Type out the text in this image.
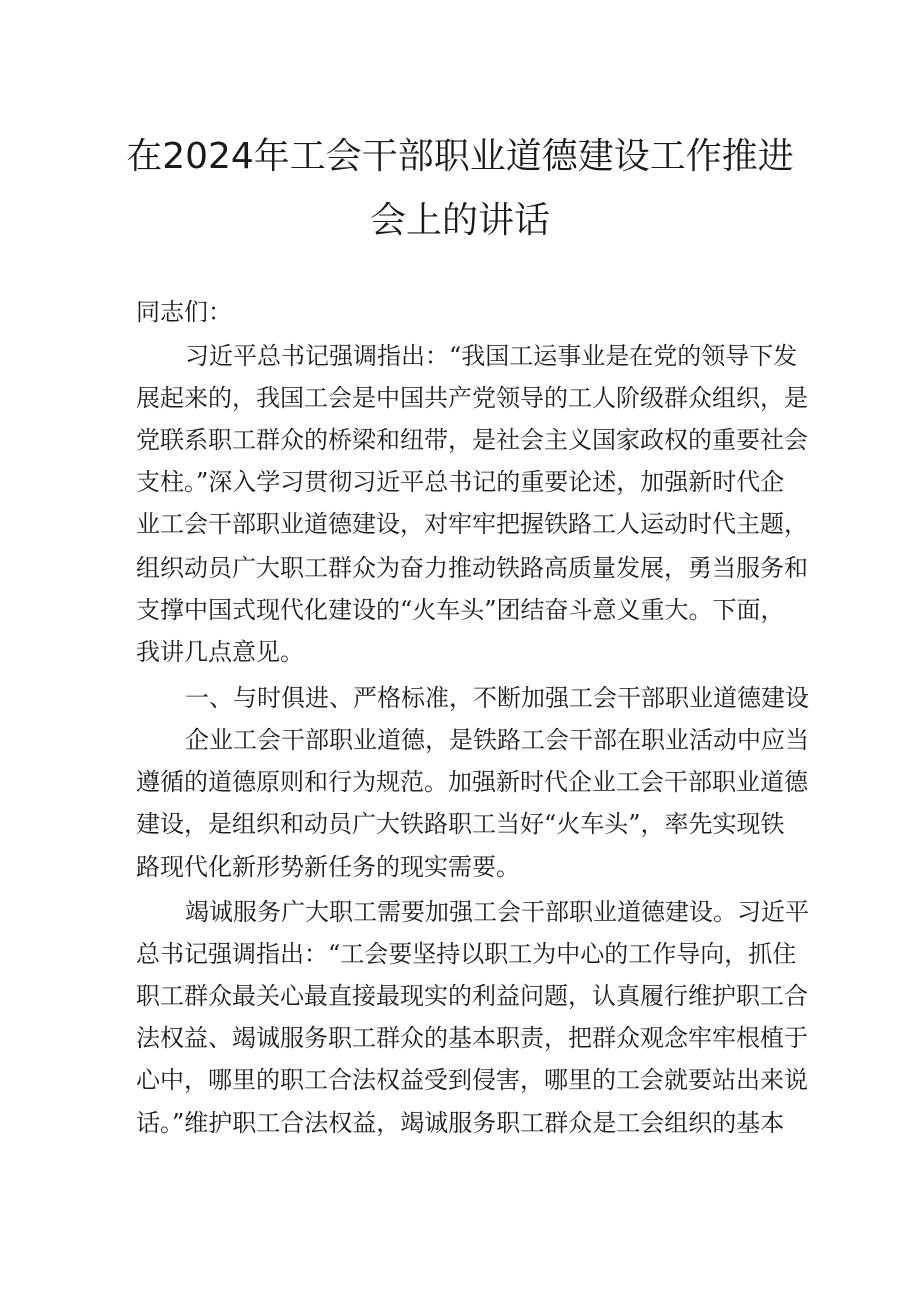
在2024年工会干部职业道德建设工作推进
会上的讲话
同志们：
习近平总书记强调指出：“我国工运事业是在党的领导下发
展起来的，我国工会是中国共产党领导的工人阶级群众组织，是
党联系职工群众的桥梁和纽带，是社会主义国家政权的重要社会
支柱。”深入学习贯彻习近平总书记的重要论述，加强新时代企
业工会干部职业道德建设，对牢牢把握铁路工人运动时代主题，
组织动员广大职工群众为奋力推动铁路高质量发展，勇当服务和
支撑中国式现代化建设的“火车头”团结奋斗意义重大。下面，
我讲几点意见。
一、与时俱进、严格标准，不断加强工会干部职业道德建设
企业工会干部职业道德，是铁路工会干部在职业活动中应当
遵循的道德原则和行为规范。加强新时代企业工会干部职业道德
建设，是组织和动员广大铁路职工当好“火车头”，率先实现铁
路现代化新形势新任务的现实需要。
竭诚服务广大职工需要加强工会干部职业道德建设。习近平
总书记强调指出：“工会要坚持以职工为中心的工作导向，抓住
职工群众最关心最直接最现实的利益问题，认真履行维护职工合
法权益、竭诚服务职工群众的基本职责，把群众观念牢牢根植于
心中，哪里的职工合法权益受到侵害，哪里的工会就要站出来说
话。”维护职工合法权益，竭诚服务职工群众是工会组织的基本
